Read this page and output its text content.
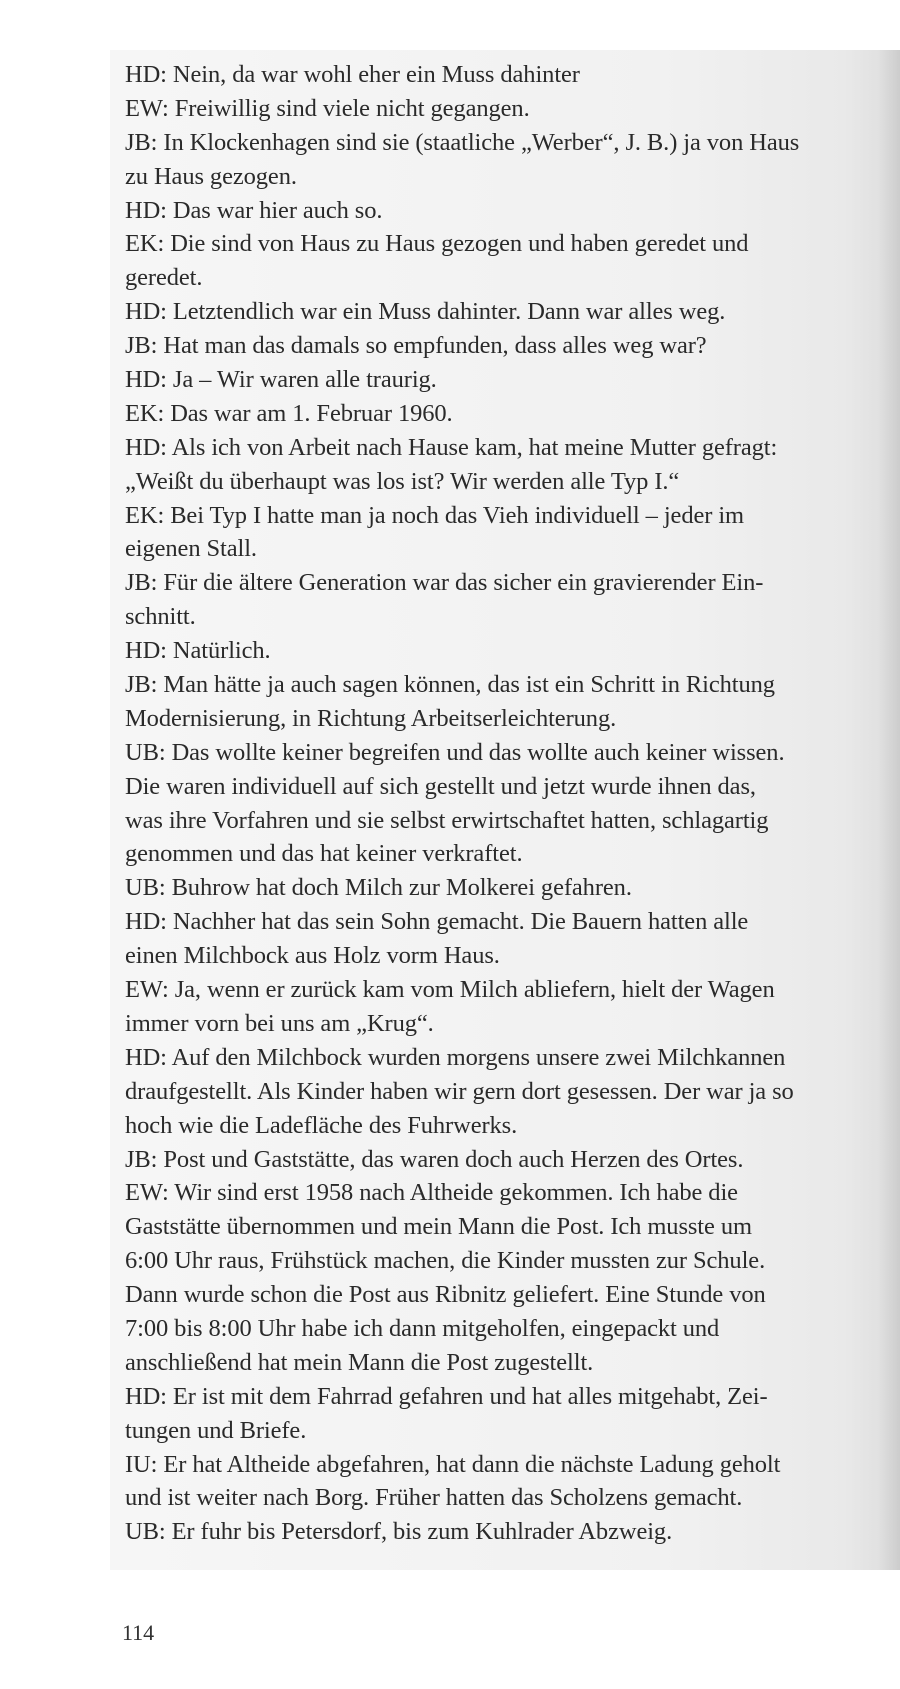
HD: Nein, da war wohl eher ein Muss dahinter
EW: Freiwillig sind viele nicht gegangen.
JB: In Klockenhagen sind sie (staatliche „Werber“, J. B.) ja von Haus
zu Haus gezogen.
HD: Das war hier auch so.
EK: Die sind von Haus zu Haus gezogen und haben geredet und
geredet.
HD: Letztendlich war ein Muss dahinter. Dann war alles weg.
JB: Hat man das damals so empfunden, dass alles weg war?
HD: Ja – Wir waren alle traurig.
EK: Das war am 1. Februar 1960.
HD: Als ich von Arbeit nach Hause kam, hat meine Mutter gefragt:
„Weißt du überhaupt was los ist? Wir werden alle Typ I.“
EK: Bei Typ I hatte man ja noch das Vieh individuell – jeder im
eigenen Stall.
JB: Für die ältere Generation war das sicher ein gravierender Ein-
schnitt.
HD: Natürlich.
JB: Man hätte ja auch sagen können, das ist ein Schritt in Richtung
Modernisierung, in Richtung Arbeitserleichterung.
UB: Das wollte keiner begreifen und das wollte auch keiner wissen.
Die waren individuell auf sich gestellt und jetzt wurde ihnen das,
was ihre Vorfahren und sie selbst erwirtschaftet hatten, schlagartig
genommen und das hat keiner verkraftet.
UB: Buhrow hat doch Milch zur Molkerei gefahren.
HD: Nachher hat das sein Sohn gemacht. Die Bauern hatten alle
einen Milchbock aus Holz vorm Haus.
EW: Ja, wenn er zurück kam vom Milch abliefern, hielt der Wagen
immer vorn bei uns am „Krug“.
HD: Auf den Milchbock wurden morgens unsere zwei Milchkannen
draufgestellt. Als Kinder haben wir gern dort gesessen. Der war ja so
hoch wie die Ladefläche des Fuhrwerks.
JB: Post und Gaststätte, das waren doch auch Herzen des Ortes.
EW: Wir sind erst 1958 nach Altheide gekommen. Ich habe die
Gaststätte übernommen und mein Mann die Post. Ich musste um
6:00 Uhr raus, Frühstück machen, die Kinder mussten zur Schule.
Dann wurde schon die Post aus Ribnitz geliefert. Eine Stunde von
7:00 bis 8:00 Uhr habe ich dann mitgeholfen, eingepackt und
anschließend hat mein Mann die Post zugestellt.
HD: Er ist mit dem Fahrrad gefahren und hat alles mitgehabt, Zei-
tungen und Briefe.
IU: Er hat Altheide abgefahren, hat dann die nächste Ladung geholt
und ist weiter nach Borg. Früher hatten das Scholzens gemacht.
UB: Er fuhr bis Petersdorf, bis zum Kuhlrader Abzweig.
114
